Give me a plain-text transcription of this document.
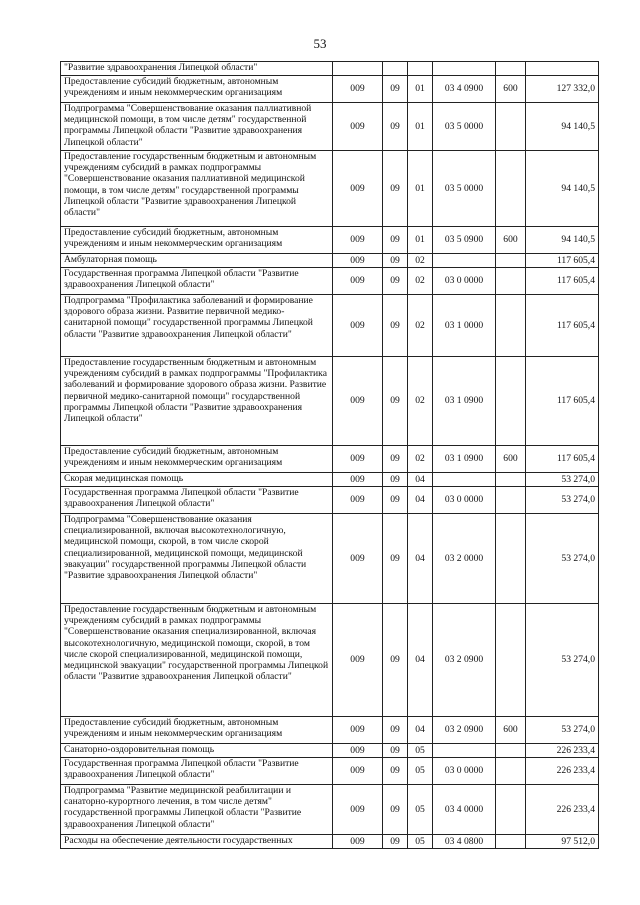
53
"Развитие здравоохранения Липецкой области"						
Предоставление субсидий бюджетным, автономным учреждениям и иным некоммерческим организациям	009	09	01	03 4 0900	600	127 332,0
Подпрограмма "Совершенствование оказания паллиативной медицинской помощи, в том числе детям" государственной программы Липецкой области "Развитие здравоохранения Липецкой области"	009	09	01	03 5 0000		94 140,5
Предоставление государственным бюджетным и автономным учреждениям субсидий в рамках подпрограммы "Совершенствование оказания паллиативной медицинской помощи, в том числе детям" государственной программы Липецкой области "Развитие здравоохранения Липецкой области"	009	09	01	03 5 0000		94 140,5
Предоставление субсидий бюджетным, автономным учреждениям и иным некоммерческим организациям	009	09	01	03 5 0900	600	94 140,5
Амбулаторная помощь	009	09	02			117 605,4
Государственная программа Липецкой области "Развитие здравоохранения Липецкой области"	009	09	02	03 0 0000		117 605,4
Подпрограмма "Профилактика заболеваний и формирование здорового образа жизни. Развитие первичной медико-санитарной помощи" государственной программы Липецкой области "Развитие здравоохранения Липецкой области"	009	09	02	03 1 0000		117 605,4
Предоставление государственным бюджетным и автономным учреждениям субсидий в рамках подпрограммы "Профилактика заболеваний и формирование здорового образа жизни. Развитие первичной медико-санитарной помощи" государственной программы Липецкой области "Развитие здравоохранения Липецкой области"	009	09	02	03 1 0900		117 605,4
Предоставление субсидий бюджетным, автономным учреждениям и иным некоммерческим организациям	009	09	02	03 1 0900	600	117 605,4
Скорая медицинская помощь	009	09	04			53 274,0
Государственная программа Липецкой области "Развитие здравоохранения Липецкой области"	009	09	04	03 0 0000		53 274,0
Подпрограмма "Совершенствование оказания специализированной, включая высокотехнологичную, медицинской помощи, скорой, в том числе скорой специализированной, медицинской помощи, медицинской эвакуации" государственной программы Липецкой области "Развитие здравоохранения Липецкой области"	009	09	04	03 2 0000		53 274,0
Предоставление государственным бюджетным и автономным учреждениям субсидий в рамках подпрограммы "Совершенствование оказания специализированной, включая высокотехнологичную, медицинской помощи, скорой, в том числе скорой специализированной, медицинской помощи, медицинской эвакуации" государственной программы Липецкой области "Развитие здравоохранения Липецкой области"	009	09	04	03 2 0900		53 274,0
Предоставление субсидий бюджетным, автономным учреждениям и иным некоммерческим организациям	009	09	04	03 2 0900	600	53 274,0
Санаторно-оздоровительная помощь	009	09	05			226 233,4
Государственная программа Липецкой области "Развитие здравоохранения Липецкой области"	009	09	05	03 0 0000		226 233,4
Подпрограмма "Развитие медицинской реабилитации и санаторно-курортного лечения, в том числе детям" государственной программы Липецкой области "Развитие здравоохранения Липецкой области"	009	09	05	03 4 0000		226 233,4
Расходы на обеспечение деятельности государственных	009	09	05	03 4 0800		97 512,0
